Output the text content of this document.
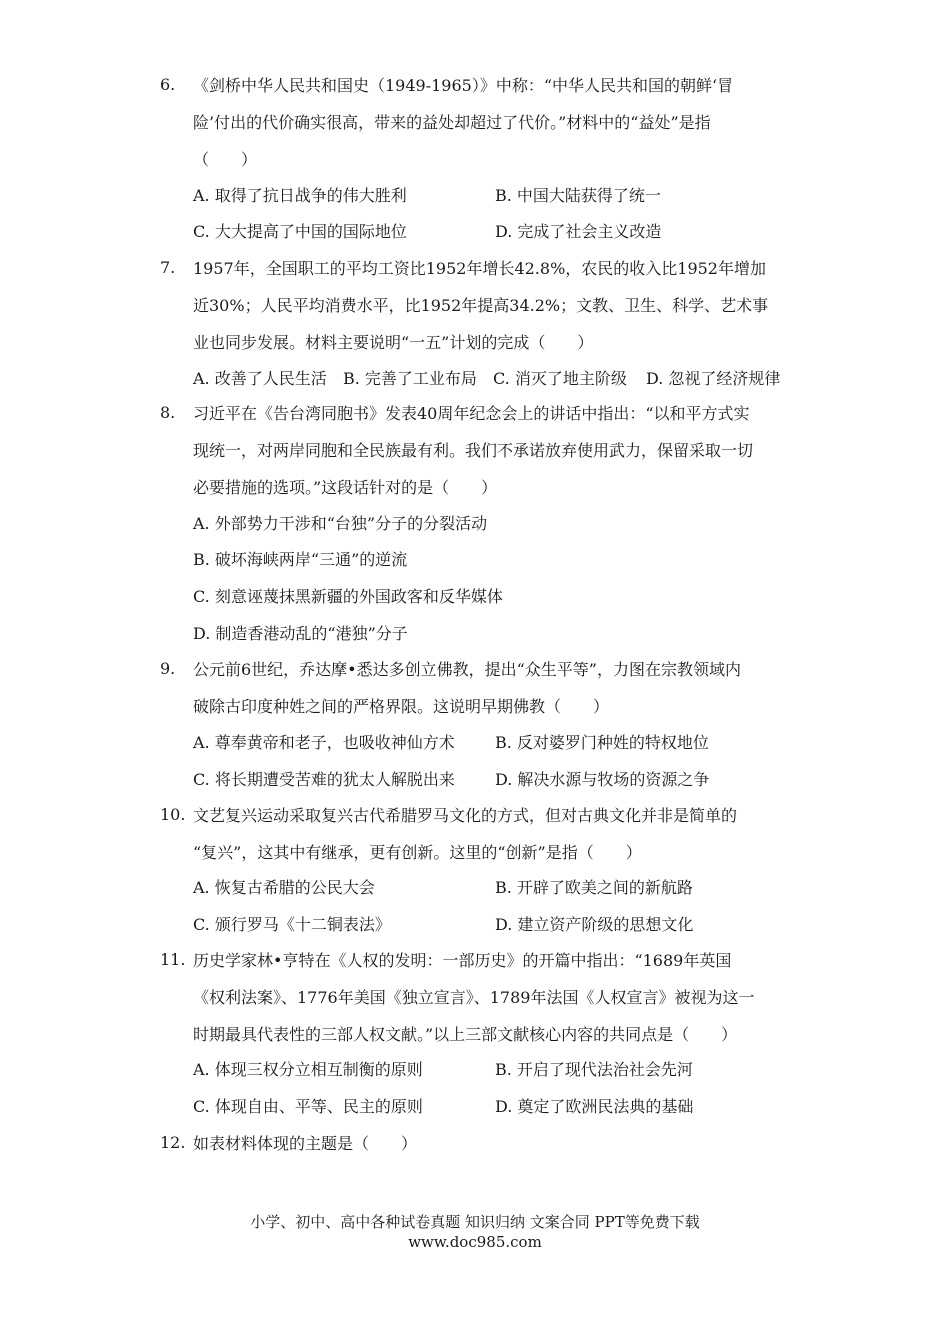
6. 《剑桥中华人民共和国史（1949-1965）》中称：“中华人民共和国的朝鲜‘冒
险’付出的代价确实很高，带来的益处却超过了代价。”材料中的“益处”是指
（　　）
A. 取得了抗日战争的伟大胜利	B. 中国大陆获得了统一
C. 大大提高了中国的国际地位	D. 完成了社会主义改造
7. 1957年，全国职工的平均工资比1952年增长42.8%，农民的收入比1952年增加
近30%；人民平均消费水平，比1952年提高34.2%；文教、卫生、科学、艺术事
业也同步发展。材料主要说明“一五”计划的完成（　　）
A. 改善了人民生活 B. 完善了工业布局 C. 消灭了地主阶级 D. 忽视了经济规律
8. 习近平在《告台湾同胞书》发表40周年纪念会上的讲话中指出：“以和平方式实
现统一，对两岸同胞和全民族最有利。我们不承诺放弃使用武力，保留采取一切
必要措施的选项。”这段话针对的是（　　）
A. 外部势力干涉和“台独”分子的分裂活动
B. 破坏海峡两岸“三通”的逆流
C. 刻意诬蔑抹黑新疆的外国政客和反华媒体
D. 制造香港动乱的“港独”分子
9. 公元前6世纪，乔达摩•悉达多创立佛教，提出“众生平等”，力图在宗教领域内
破除古印度种姓之间的严格界限。这说明早期佛教（　　）
A. 尊奉黄帝和老子，也吸收神仙方术	B. 反对婆罗门种姓的特权地位
C. 将长期遭受苦难的犹太人解脱出来	D. 解决水源与牧场的资源之争
10. 文艺复兴运动采取复兴古代希腊罗马文化的方式，但对古典文化并非是简单的
“复兴”，这其中有继承，更有创新。这里的“创新”是指（　　）
A. 恢复古希腊的公民大会	B. 开辟了欧美之间的新航路
C. 颁行罗马《十二铜表法》	D. 建立资产阶级的思想文化
11. 历史学家林•亨特在《人权的发明：一部历史》的开篇中指出：“1689年英国
《权利法案》、1776年美国《独立宣言》、1789年法国《人权宣言》被视为这一
时期最具代表性的三部人权文献。”以上三部文献核心内容的共同点是（　　）
A. 体现三权分立相互制衡的原则	B. 开启了现代法治社会先河
C. 体现自由、平等、民主的原则	D. 奠定了欧洲民法典的基础
12. 如表材料体现的主题是（　　）
小学、初中、高中各种试卷真题 知识归纳 文案合同 PPT等免费下载
www.doc985.com
